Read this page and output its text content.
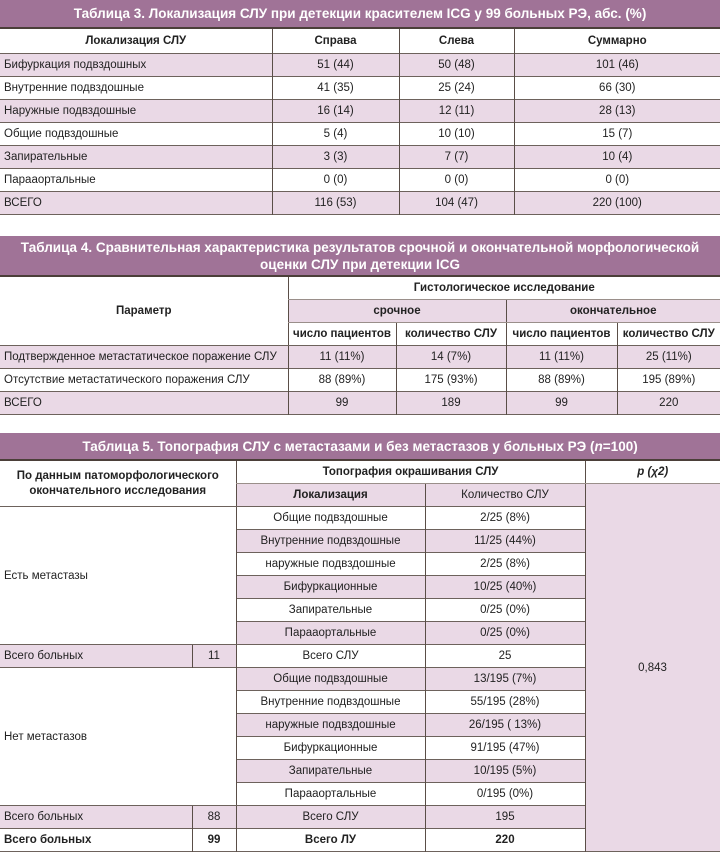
Таблица 3. Локализация СЛУ при детекции красителем ICG у 99 больных РЭ, абс. (%)			
Локализация СЛУ	Справа	Слева	Суммарно
Бифуркация подвздошных	51 (44)	50 (48)	101 (46)
Внутренние подвздошные	41 (35)	25 (24)	66 (30)
Наружные подвздошные	16 (14)	12 (11)	28 (13)
Общие подвздошные	5 (4)	10 (10)	15 (7)
Запирательные	3 (3)	7 (7)	10 (4)
Парааортальные	0 (0)	0 (0)	0 (0)
ВСЕГО	116 (53)	104 (47)	220 (100)
Таблица 4. Сравнительная характеристика результатов срочной и окончательной морфологической оценки СЛУ при детекции ICG				
Параметр	Гистологическое исследование			
	срочное		окончательное	
	число пациентов	количество СЛУ	число пациентов	количество СЛУ
Подтвержденное метастатическое поражение СЛУ	11 (11%)	14 (7%)	11 (11%)	25 (11%)
Отсутствие метастатического поражения СЛУ	88 (89%)	175 (93%)	88 (89%)	195 (89%)
ВСЕГО	99	189	99	220
Таблица 5. Топография СЛУ с метастазами и без метастазов у больных РЭ (n=100)					
По данным патоморфологического окончательного исследования		Топография окрашивания СЛУ		p (χ2)	
		Локализация	Количество СЛУ	0,843	
Есть метастазы		Общие подвздошные	2/25 (8%)		
		Внутренние подвздошные	11/25 (44%)		
		наружные подвздошные	2/25 (8%)		
		Бифуркационные	10/25 (40%)		
		Запирательные	0/25 (0%)		
		Парааортальные	0/25 (0%)		
Всего больных	11	Всего СЛУ	25		
Нет метастазов		Общие подвздошные	13/195 (7%)		
		Внутренние подвздошные	55/195 (28%)		
		наружные подвздошные	26/195 ( 13%)		
		Бифуркационные	91/195 (47%)		
		Запирательные	10/195 (5%)		
		Парааортальные	0/195 (0%)		
Всего больных	88	Всего СЛУ	195		
Всего больных	99	Всего ЛУ	220		
